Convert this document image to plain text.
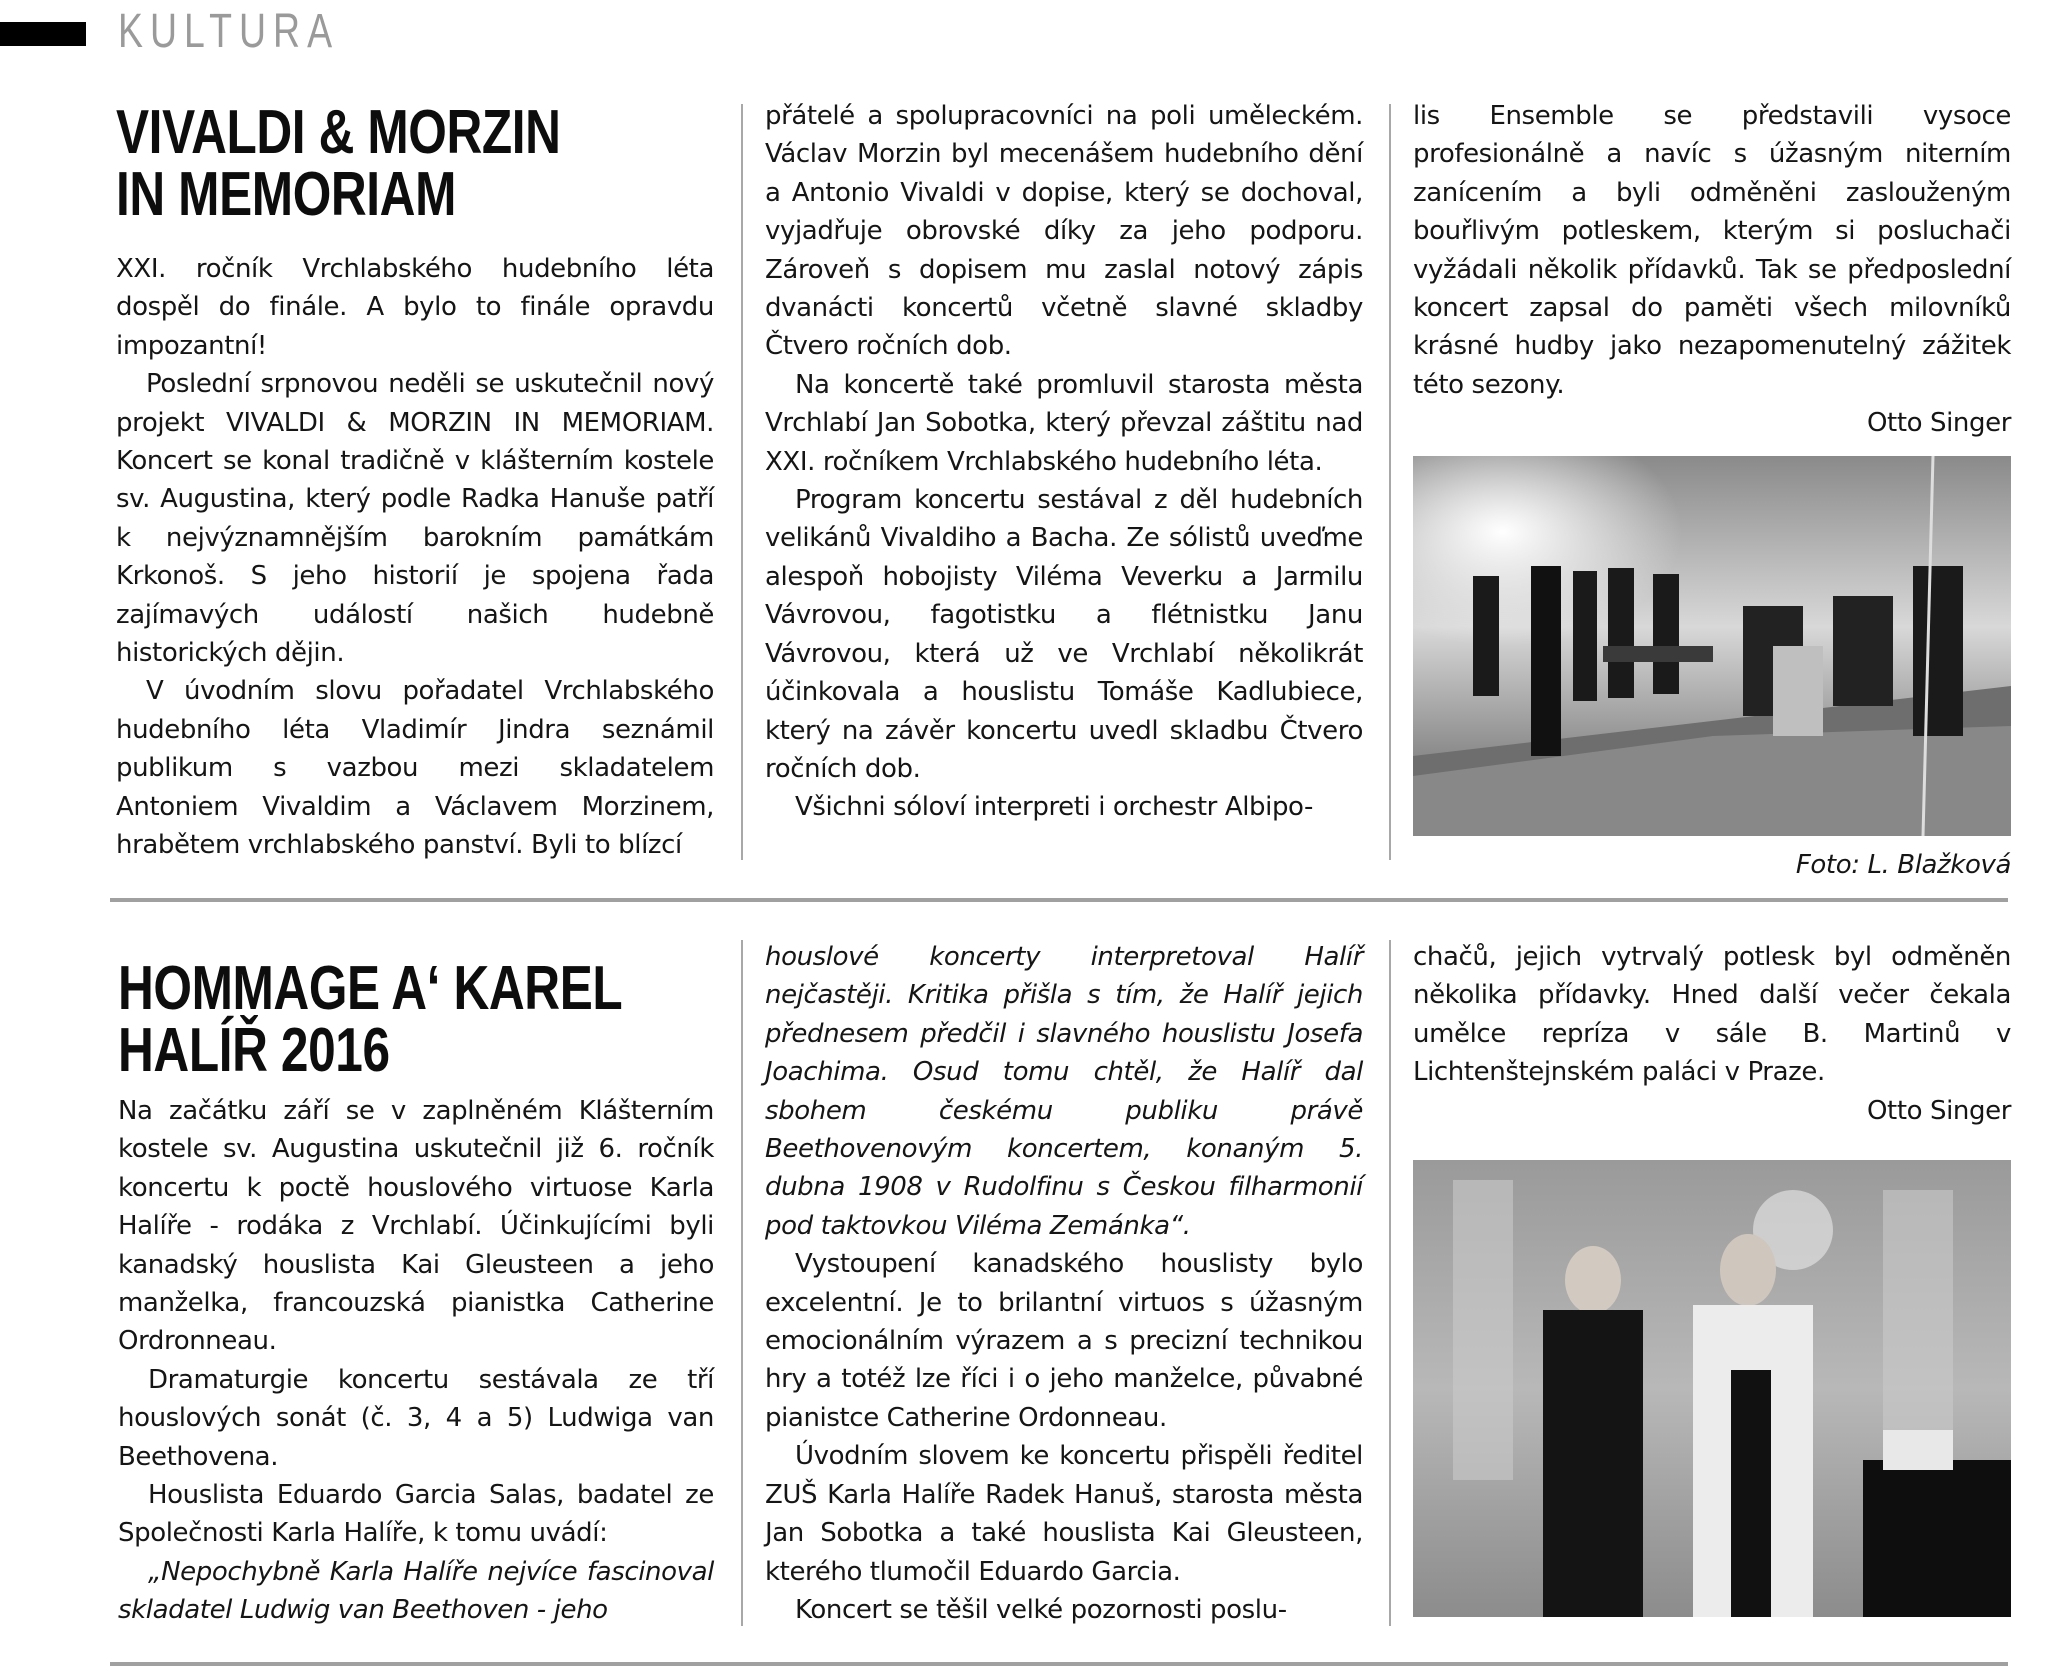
KULTURA
VIVALDI & MORZIN
IN MEMORIAM

XXI. ročník Vrchlabského hudebního léta dospěl do finále. A bylo to finále opravdu impozantní!

Poslední srpnovou neděli se uskutečnil nový projekt VIVALDI & MORZIN IN MEMORIAM. Koncert se konal tradičně v klášterním kostele sv. Augustina, který podle Radka Hanuše patří k nejvýznamnějším barokním památkám Krkonoš. S jeho historií je spojena řada zajímavých událostí našich hudebně historických dějin.

V úvodním slovu pořadatel Vrchlabského hudebního léta Vladimír Jindra seznámil publikum s vazbou mezi skladatelem Antoniem Vivaldim a Václavem Morzinem, hrabětem vrchlabského panství. Byli to blízcí

přátelé a spolupracovníci na poli uměleckém. Václav Morzin byl mecenášem hudebního dění a Antonio Vivaldi v dopise, který se dochoval, vyjadřuje obrovské díky za jeho podporu. Zároveň s dopisem mu zaslal notový zápis dvanácti koncertů včetně slavné skladby Čtvero ročních dob.

Na koncertě také promluvil starosta města Vrchlabí Jan Sobotka, který převzal záštitu nad XXI. ročníkem Vrchlabského hudebního léta.

Program koncertu sestával z děl hudebních velikánů Vivaldiho a Bacha. Ze sólistů uveďme alespoň hobojisty Viléma Veverku a Jarmilu Vávrovou, fagotistku a flétnistku Janu Vávrovou, která už ve Vrchlabí několikrát účinkovala a houslistu Tomáše Kadlubiece, který na závěr koncertu uvedl skladbu Čtvero ročních dob.

Všichni sóloví interpreti i orchestr Albipo-

lis Ensemble se představili vysoce profesionálně a navíc s úžasným niterním zanícením a byli odměněni zaslouženým bouřlivým potleskem, kterým si posluchači vyžádali několik přídavků. Tak se předposlední koncert zapsal do paměti všech milovníků krásné hudby jako nezapomenutelný zážitek této sezony.

Otto Singer

Foto: L. Blažková

HOMMAGE A‘ KAREL
HALÍŘ 2016

Na začátku září se v zaplněném Klášterním kostele sv. Augustina uskutečnil již 6. ročník koncertu k poctě houslového virtuose Karla Halíře - rodáka z Vrchlabí. Účinkujícími byli kanadský houslista Kai Gleusteen a jeho manželka, francouzská pianistka Catherine Ordronneau.

Dramaturgie koncertu sestávala ze tří houslových sonát (č. 3, 4 a 5) Ludwiga van Beethovena.

Houslista Eduardo Garcia Salas, badatel ze Společnosti Karla Halíře, k tomu uvádí:

„Nepochybně Karla Halíře nejvíce fascinoval skladatel Ludwig van Beethoven - jeho

houslové koncerty interpretoval Halíř nejčastěji. Kritika přišla s tím, že Halíř jejich přednesem předčil i slavného houslistu Josefa Joachima. Osud tomu chtěl, že Halíř dal sbohem českému publiku právě Beethovenovým koncertem, konaným 5. dubna 1908 v Rudolfinu s Českou filharmonií pod taktovkou Viléma Zemánka“.

Vystoupení kanadského houslisty bylo excelentní. Je to brilantní virtuos s úžasným emocionálním výrazem a s precizní technikou hry a totéž lze říci i o jeho manželce, půvabné pianistce Catherine Ordonneau.

Úvodním slovem ke koncertu přispěli ředitel ZUŠ Karla Halíře Radek Hanuš, starosta města Jan Sobotka a také houslista Kai Gleusteen, kterého tlumočil Eduardo Garcia.

Koncert se těšil velké pozornosti poslu-

chačů, jejich vytrvalý potlesk byl odměněn několika přídavky. Hned další večer čekala umělce repríza v sále B. Martinů v Lichtenštejnském paláci v Praze.

Otto Singer
